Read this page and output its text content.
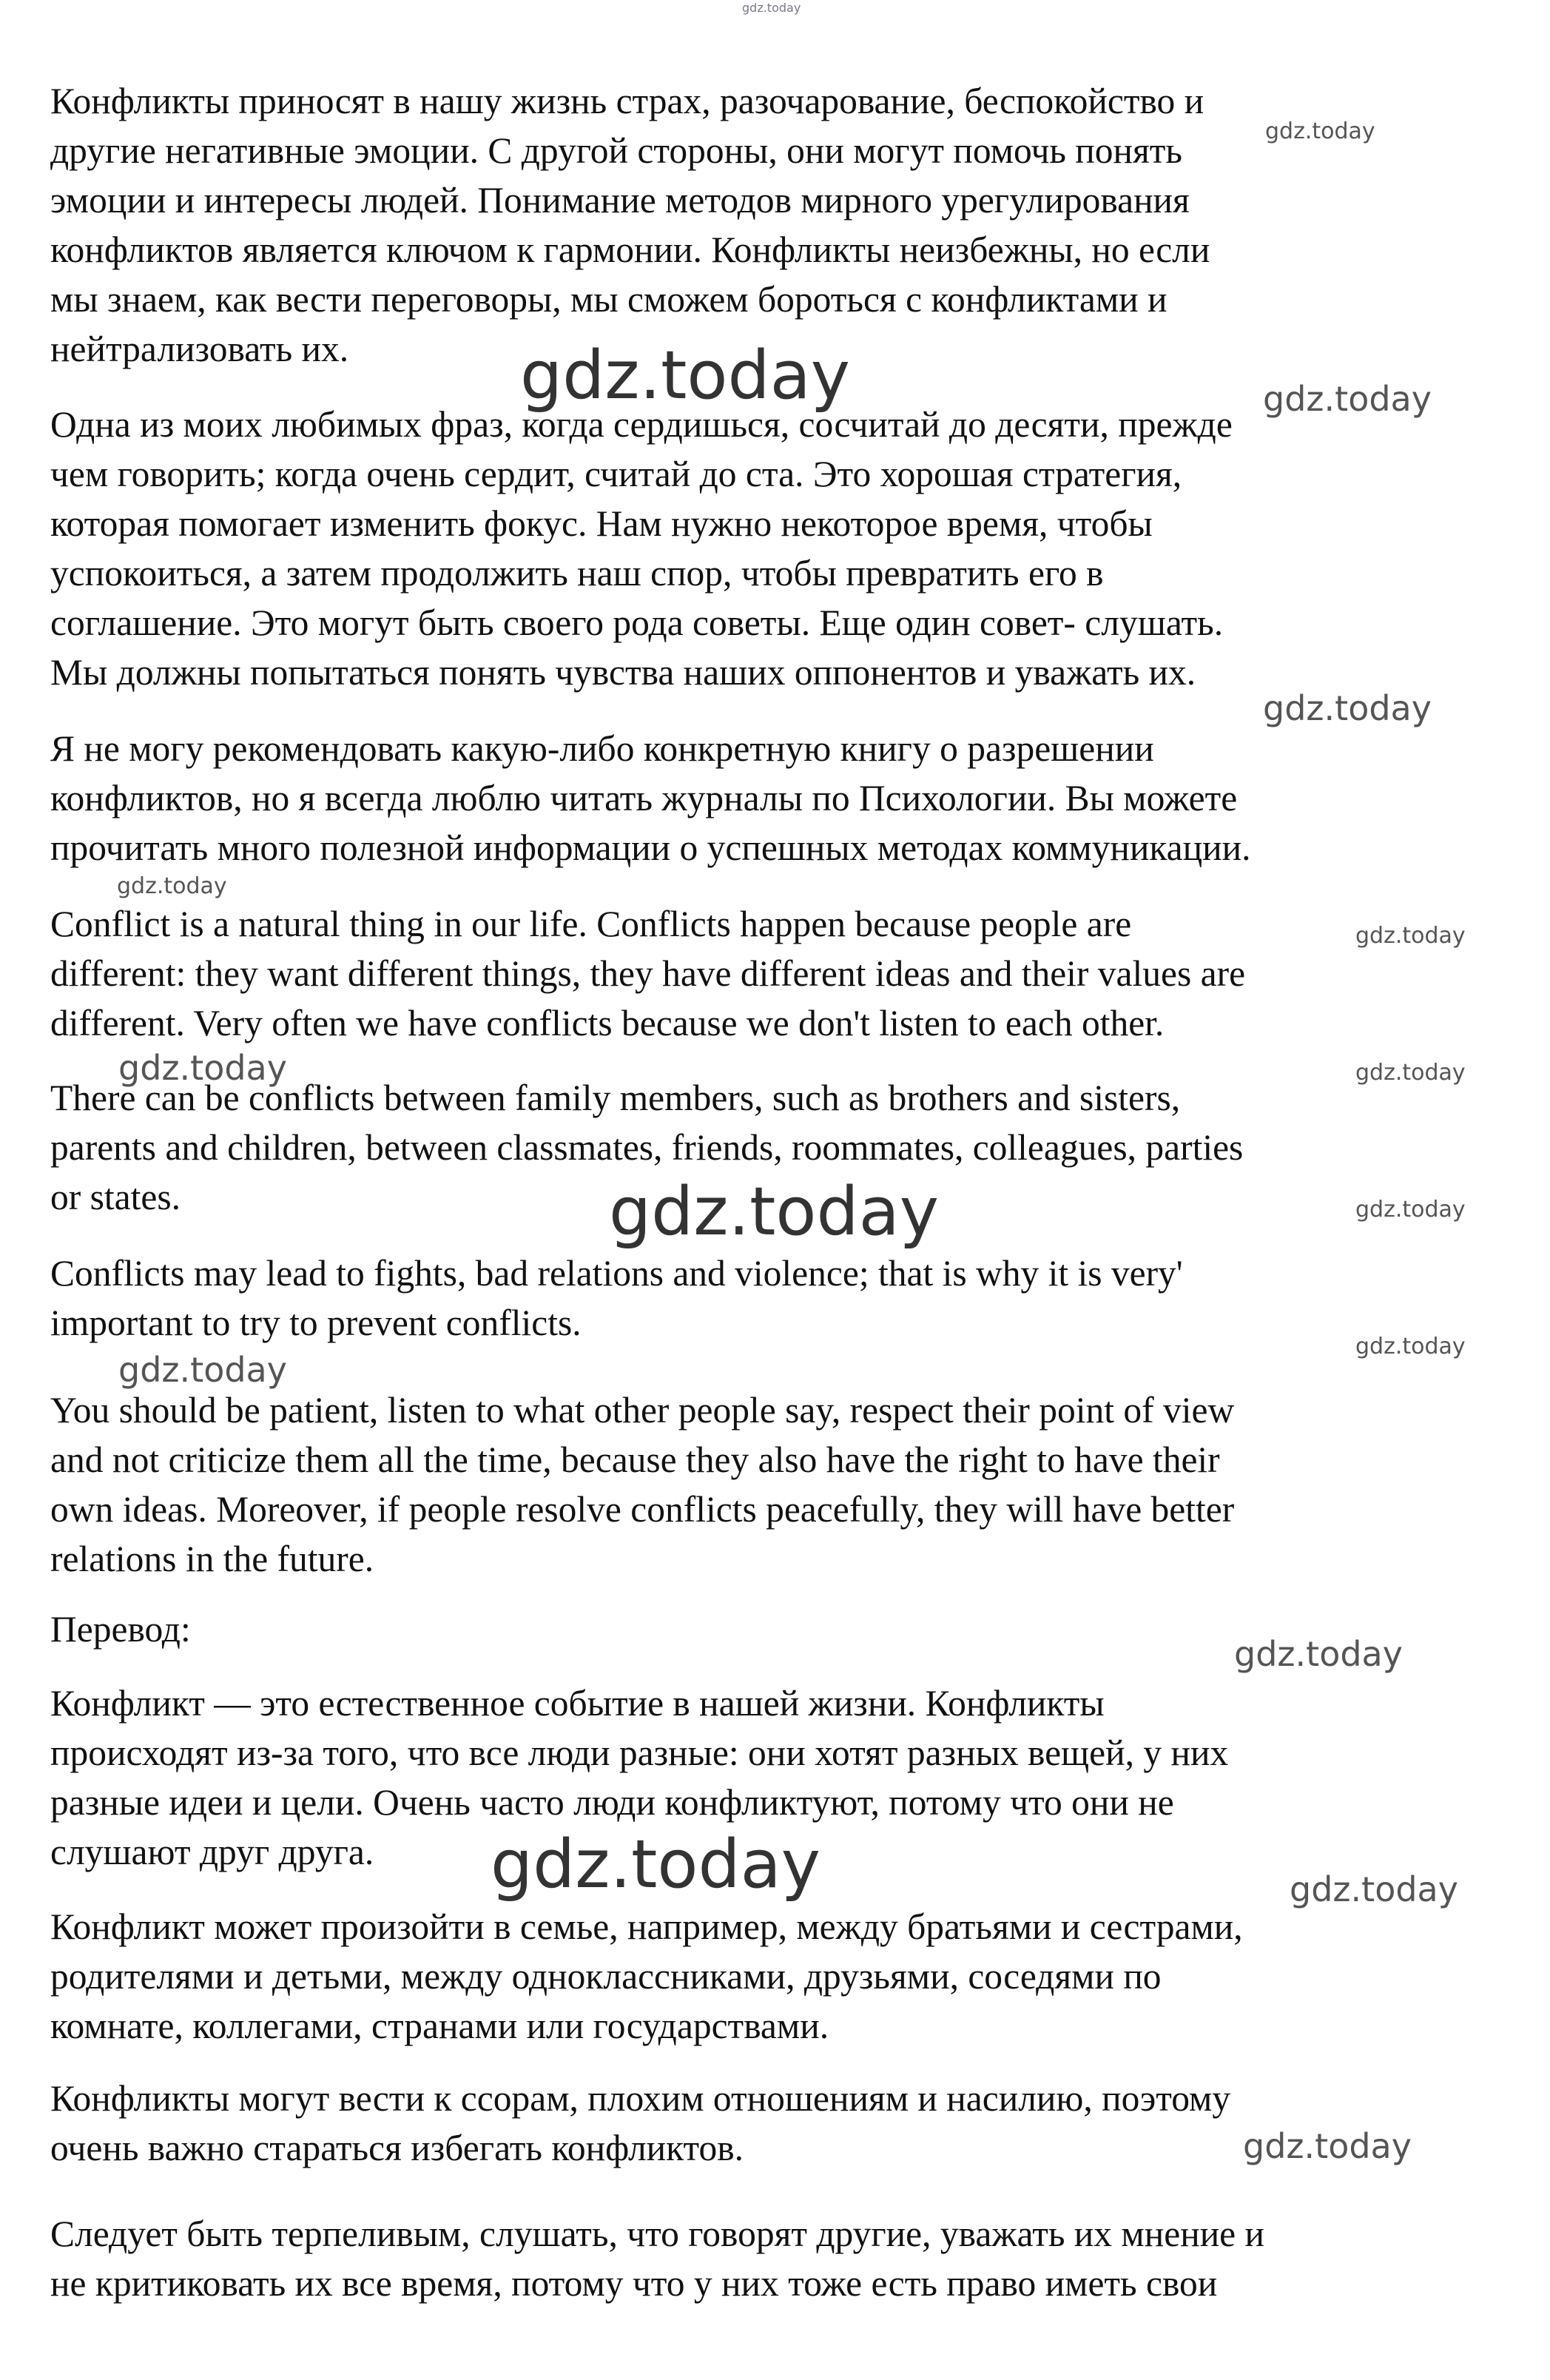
Конфликты приносят в нашу жизнь страх, разочарование, беспокойство и
другие негативные эмоции. С другой стороны, они могут помочь понять
эмоции и интересы людей. Понимание методов мирного урегулирования
конфликтов является ключом к гармонии. Конфликты неизбежны, но если
мы знаем, как вести переговоры, мы сможем бороться с конфликтами и
нейтрализовать их.

Одна из моих любимых фраз, когда сердишься, сосчитай до десяти, прежде
чем говорить; когда очень сердит, считай до ста. Это хорошая стратегия,
которая помогает изменить фокус. Нам нужно некоторое время, чтобы
успокоиться, а затем продолжить наш спор, чтобы превратить его в
соглашение. Это могут быть своего рода советы. Еще один совет- слушать.
Мы должны попытаться понять чувства наших оппонентов и уважать их.

Я не могу рекомендовать какую-либо конкретную книгу о разрешении
конфликтов, но я всегда люблю читать журналы по Психологии. Вы можете
прочитать много полезной информации о успешных методах коммуникации.

Conflict is a natural thing in our life. Conflicts happen because people are
different: they want different things, they have different ideas and their values are
different. Very often we have conflicts because we don't listen to each other.

There can be conflicts between family members, such as brothers and sisters,
parents and children, between classmates, friends, roommates, colleagues, parties
or states.

Conflicts may lead to fights, bad relations and violence; that is why it is very'
important to try to prevent conflicts.

You should be patient, listen to what other people say, respect their point of view
and not criticize them all the time, because they also have the right to have their
own ideas. Moreover, if people resolve conflicts peacefully, they will have better
relations in the future.

Перевод:

Конфликт — это естественное событие в нашей жизни. Конфликты
происходят из-за того, что все люди разные: они хотят разных вещей, у них
разные идеи и цели. Очень часто люди конфликтуют, потому что они не
слушают друг друга.

Конфликт может произойти в семье, например, между братьями и сестрами,
родителями и детьми, между одноклассниками, друзьями, соседями по
комнате, коллегами, странами или государствами.

Конфликты могут вести к ссорам, плохим отношениям и насилию, поэтому
очень важно стараться избегать конфликтов.

Следует быть терпеливым, слушать, что говорят другие, уважать их мнение и
не критиковать их все время, потому что у них тоже есть право иметь свои

gdz.today
gdz.today
gdz.today	gdz.today
gdz.today
gdz.today
gdz.today
gdz.today	gdz.today
gdz.today	gdz.today
gdz.today
gdz.today
gdz.today
gdz.today	gdz.today
gdz.today
